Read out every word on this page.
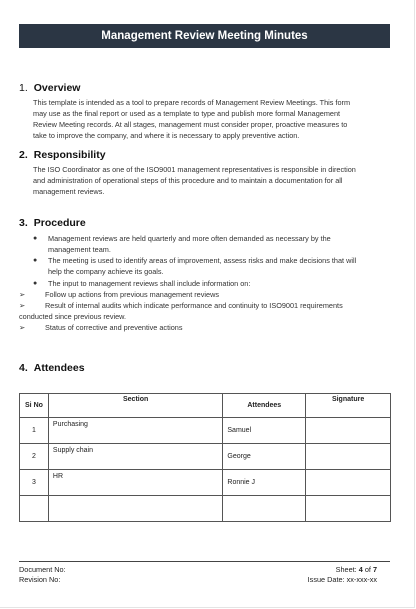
Management Review Meeting Minutes
1. Overview
This template is intended as a tool to prepare records of Management Review Meetings. This form
may use as the final report or used as a template to type and publish more formal Management
Review Meeting records. At all stages, management must consider proper, proactive measures to
take to improve the company, and where it is necessary to apply preventive action.
2. Responsibility
The ISO Coordinator as one of the ISO9001 management representatives is responsible in direction
and administration of operational steps of this procedure and to maintain a documentation for all
management reviews.
3. Procedure
● Management reviews are held quarterly and more often demanded as necessary by the
management team.
● The meeting is used to identify areas of improvement, assess risks and make decisions that will
help the company achieve its goals.
● The input to management reviews shall include information on:
➢	Follow up actions from previous management reviews
➢	Result of internal audits which indicate performance and continuity to ISO9001 requirements
conducted since previous review.
➢	Status of corrective and preventive actions
4. Attendees
Si No	Section	Attendees	Signature
1	Purchasing	Samuel	
2	Supply chain	George	
3	HR	Ronnie J	

Document No:
Revision No:
Sheet: 4 of 7
Issue Date: xx-xxx-xx
